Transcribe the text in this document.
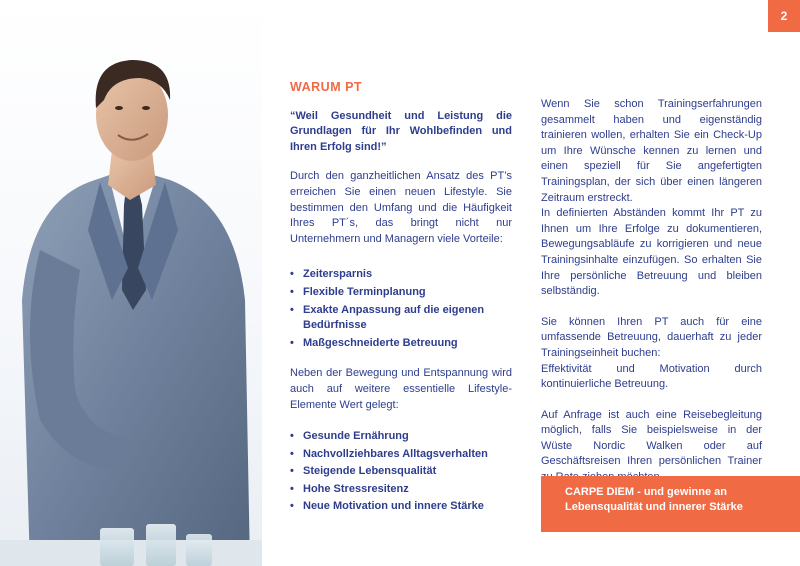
2
WARUM PT

“Weil Gesundheit und Leistung die Grundlagen für Ihr Wohlbefinden und Ihren Erfolg sind!”

Durch den ganzheitlichen Ansatz des PT’s erreichen Sie einen neuen Lifestyle. Sie bestimmen den Umfang und die Häufigkeit Ihres PT´s, das bringt nicht nur Unternehmern und Managern viele Vorteile:

• Zeitersparnis
• Flexible Terminplanung
• Exakte Anpassung auf die eigenen Bedürfnisse
• Maßgeschneiderte Betreuung

Neben der Bewegung und Entspannung wird auch auf weitere essentielle Lifestyle-Elemente Wert gelegt:

• Gesunde Ernährung
• Nachvollziehbares Alltagsverhalten
• Steigende Lebensqualität
• Hohe Stressresitenz
• Neue Motivation und innere Stärke

Wenn Sie schon Trainingserfahrungen gesammelt haben und eigenständig trainieren wollen, erhalten Sie ein Check-Up um Ihre Wünsche kennen zu lernen und einen speziell für Sie angefertigten Trainingsplan, der sich über einen längeren Zeitraum erstreckt.

In definierten Abständen kommt Ihr PT zu Ihnen um Ihre Erfolge zu dokumentieren, Bewegungsabläufe zu korrigieren und neue Trainingsinhalte einzufügen. So erhalten Sie Ihre persönliche Betreuung und bleiben selbständig.

Sie können Ihren PT auch für eine umfassende Betreuung, dauerhaft zu jeder Trainingseinheit buchen:

Effektivität und Motivation durch kontinuierliche Betreuung.

Auf Anfrage ist auch eine Reisebegleitung möglich, falls Sie beispielsweise in der Wüste Nordic Walken oder auf Geschäftsreisen Ihren persönlichen Trainer

CARPE DIEM - und gewinne an
Lebensqualität und innerer Stärke
